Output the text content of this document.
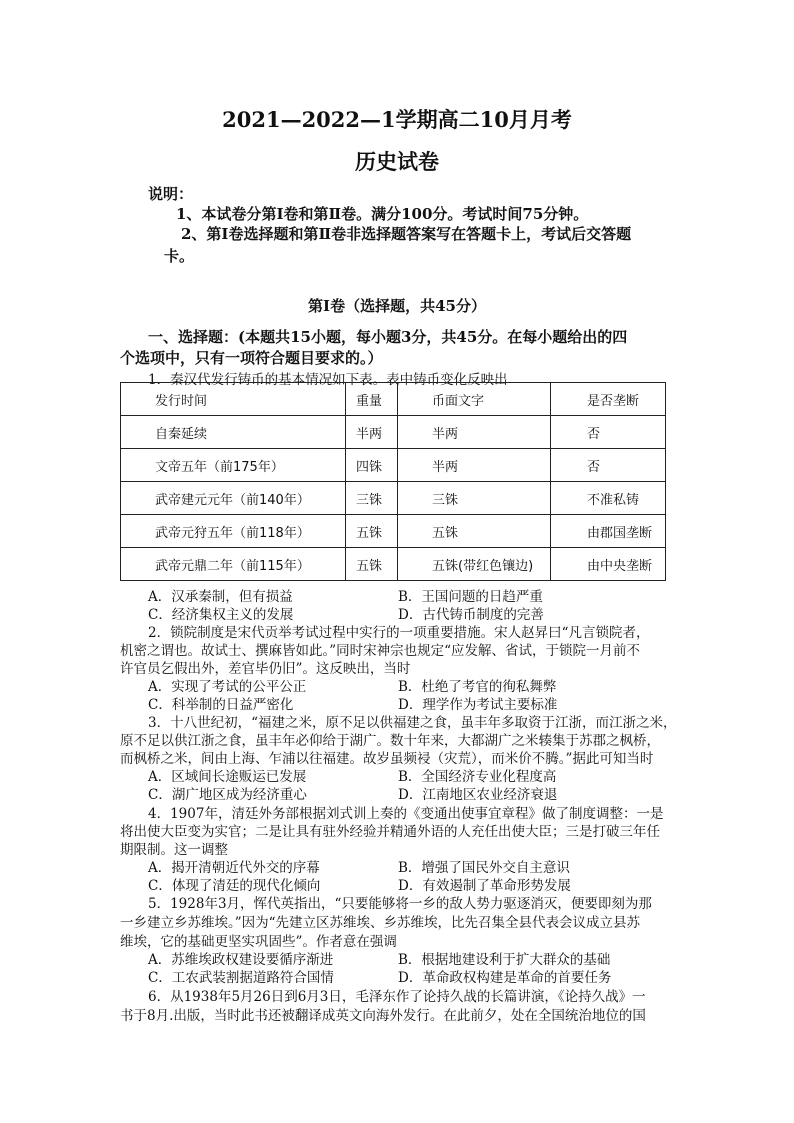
2021—2022—1学期高二10月月考
历史试卷
说明：
1、本试卷分第Ⅰ卷和第Ⅱ卷。满分100分。考试时间75分钟。
2、第Ⅰ卷选择题和第Ⅱ卷非选择题答案写在答题卡上，考试后交答题
卡。
第Ⅰ卷（选择题，共45分）
一、选择题：(本题共15小题，每小题3分，共45分。在每小题给出的四
个选项中，只有一项符合题目要求的。）
1．秦汉代发行铸币的基本情况如下表。表中铸币变化反映出
发行时间	重量	币面文字	是否垄断
自秦延续	半两	半两	否
文帝五年（前175年）	四铢	半两	否
武帝建元元年（前140年）	三铢	三铢	不准私铸
武帝元狩五年（前118年）	五铢	五铢	由郡国垄断
武帝元鼎二年（前115年）	五铢	五铢(带红色镶边)	由中央垄断
A．汉承秦制，但有损益	B．王国问题的日趋严重
C．经济集权主义的发展	D．古代铸币制度的完善
2．锁院制度是宋代贡举考试过程中实行的一项重要措施。宋人赵昇曰“凡言锁院者，
机密之谓也。故试士、撰麻皆如此。”同时宋神宗也规定“应发解、省试，于锁院一月前不
许官员乞假出外，差官毕仍旧”。这反映出，当时
A．实现了考试的公平公正	B．杜绝了考官的徇私舞弊
C．科举制的日益严密化	D．理学作为考试主要标准
3．十八世纪初，“福建之米，原不足以供福建之食，虽丰年多取资于江浙，而江浙之米，
原不足以供江浙之食，虽丰年必仰给于湖广。数十年来，大都湖广之米辏集于苏郡之枫桥，
而枫桥之米，间由上海、乍浦以往福建。故岁虽频祲（灾荒），而米价不腾。”据此可知当时
A．区域间长途贩运已发展	B．全国经济专业化程度高
C．湖广地区成为经济重心	D．江南地区农业经济衰退
4．1907年，清廷外务部根据刘式训上奏的《变通出使事宜章程》做了制度调整：一是
将出使大臣变为实官；二是让具有驻外经验并精通外语的人充任出使大臣；三是打破三年任
期限制。这一调整
A．揭开清朝近代外交的序幕	B．增强了国民外交自主意识
C．体现了清廷的现代化倾向	D．有效遏制了革命形势发展
5．1928年3月，恽代英指出，“只要能够将一乡的敌人势力驱逐消灭，便要即刻为那
一乡建立乡苏维埃。”因为“先建立区苏维埃、乡苏维埃，比先召集全县代表会议成立县苏
维埃，它的基础更坚实巩固些”。作者意在强调
A．苏维埃政权建设要循序渐进	B．根据地建设利于扩大群众的基础
C．工农武装割据道路符合国情	D．革命政权构建是革命的首要任务
6．从1938年5月26日到6月3日，毛泽东作了论持久战的长篇讲演，《论持久战》一
书于8月.出版，当时此书还被翻译成英文向海外发行。在此前夕，处在全国统治地位的国
